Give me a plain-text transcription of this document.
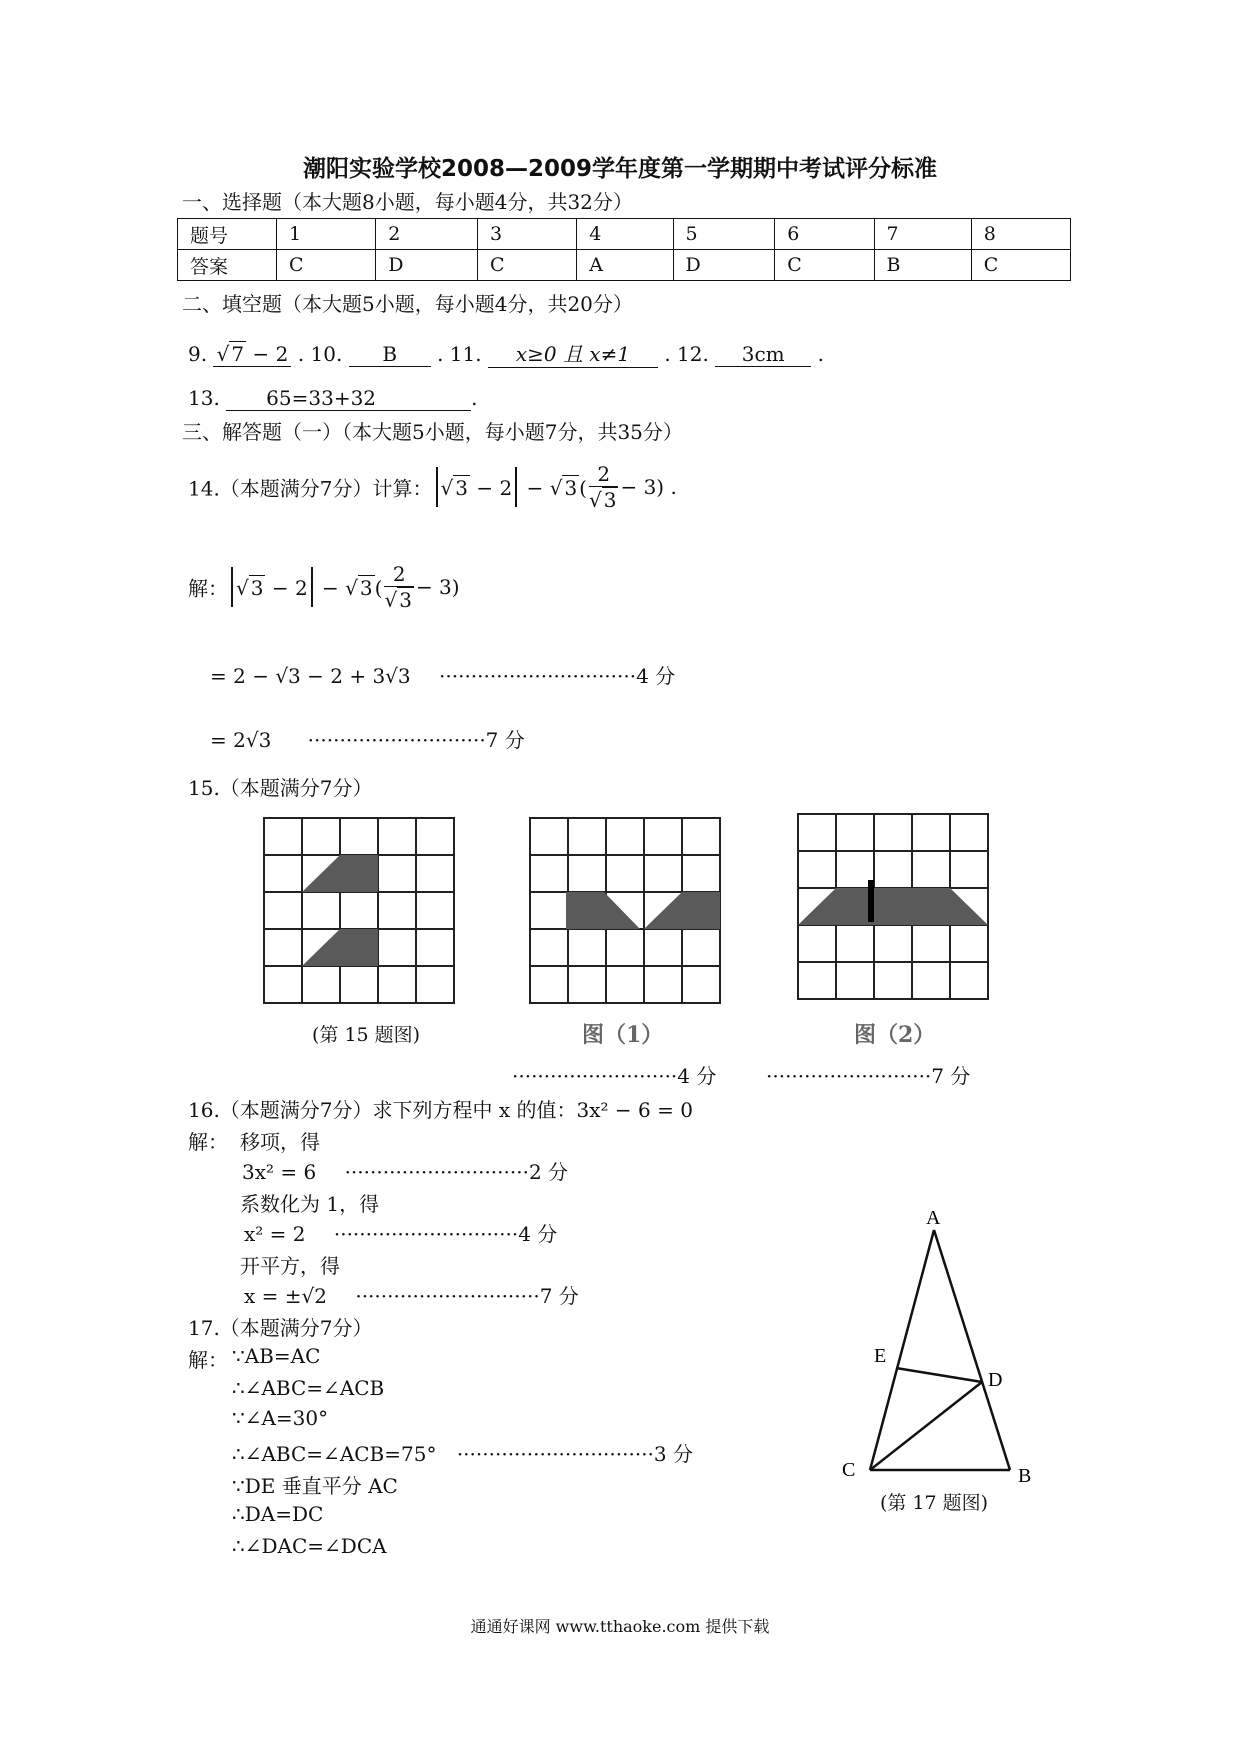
潮阳实验学校2008—2009学年度第一学期期中考试评分标准
一、选择题（本大题8小题，每小题4分，共32分）
题号	1	2	3	4	5	6	7	8
答案	C	D	C	A	D	C	B	C
二、填空题（本大题5小题，每小题4分，共20分）
9. √ 7 − 2 . 10. B . 11. x≥0 且 x≠1 . 12. 3cm .
13. 65=33+32	.
三、解答题（一）（本大题5小题，每小题7分，共35分）
14.（本题满分7分）计算： √ 3 − 2 − √ 3 ( $\frac{2}{√ 3} - 3$) .
解： √ 3 − 2 − √ 3 ( $\frac{2}{√ 3} - 3$)
= 2 − √3 − 2 + 3√3 ·······························4 分
= 2√3 ····························7 分
15.（本题满分7分）
(第 15 题图)	图（1）	图（2）
··························4 分 ··························7 分
16.（本题满分7分）求下列方程中 x 的值：3x² − 6 = 0
解： 移项，得
3x² = 6 ·····························2 分
系数化为 1，得
x² = 2 ·····························4 分
开平方，得
x = ±√2 ·····························7 分
17.（本题满分7分）
解： ∵AB=AC
∴∠ABC=∠ACB
∵∠A=30°
∴∠ABC=∠ACB=75° ·······························3 分
∵DE 垂直平分 AC
∴DA=DC
∴∠DAC=∠DCA
A
E
D
C	B
(第 17 题图)
通通好课网 www.tthaoke.com 提供下载
